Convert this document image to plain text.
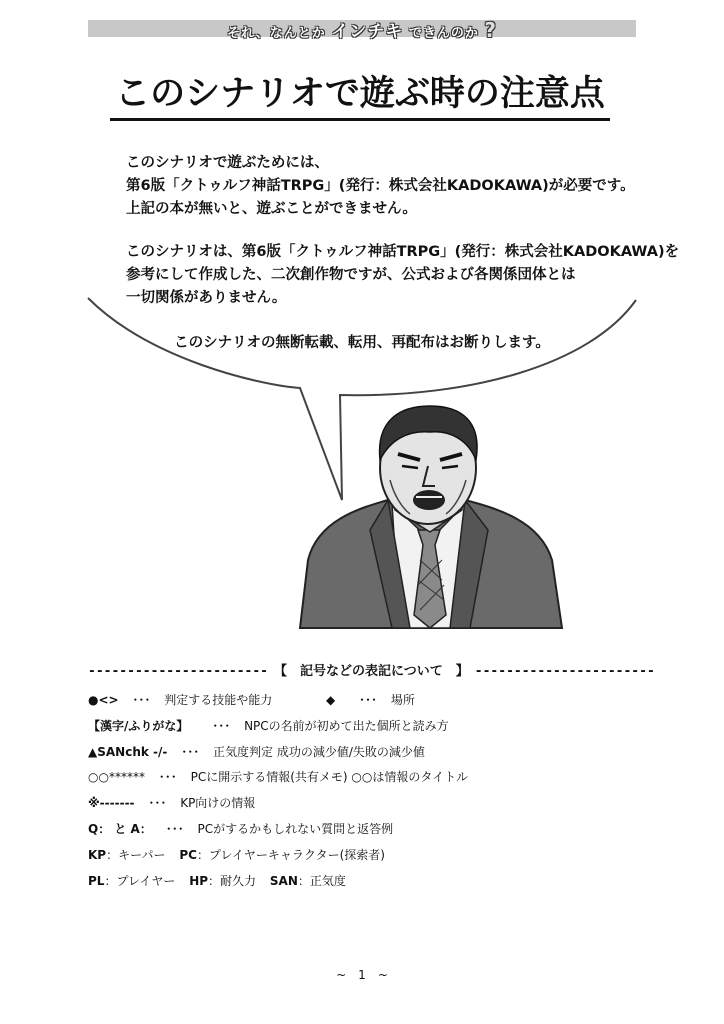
それ、なんとか インチキ できんのか ?
このシナリオで遊ぶ時の注意点

このシナリオで遊ぶためには、
第6版「クトゥルフ神話TRPG」(発行：株式会社KADOKAWA)が必要です。
上記の本が無いと、遊ぶことができません。

このシナリオは、第6版「クトゥルフ神話TRPG」(発行：株式会社KADOKAWA)を
参考にして作成した、二次創作物ですが、公式および各関係団体とは
一切関係がありません。

このシナリオの無断転載、転用、再配布はお断りします。
----------------------- 【　記号などの表記について　】 -----------------------
●<> ･･･ 判定する技能や能力	◆ ･･･ 場所
【漢字/ふりがな】 ･･･ NPCの名前が初めて出た個所と読み方
▲SANchk -/- ･･･ 正気度判定 成功の減少値/失敗の減少値
○○****** ･･･ PCに開示する情報(共有メモ) ○○は情報のタイトル
※------- ･･･ KP向けの情報
Q： と A： ･･･ PCがするかもしれない質問と返答例
KP：キーパー PC：プレイヤーキャラクター(探索者)
PL：プレイヤー HP：耐久力 SAN：正気度
~　1　~
